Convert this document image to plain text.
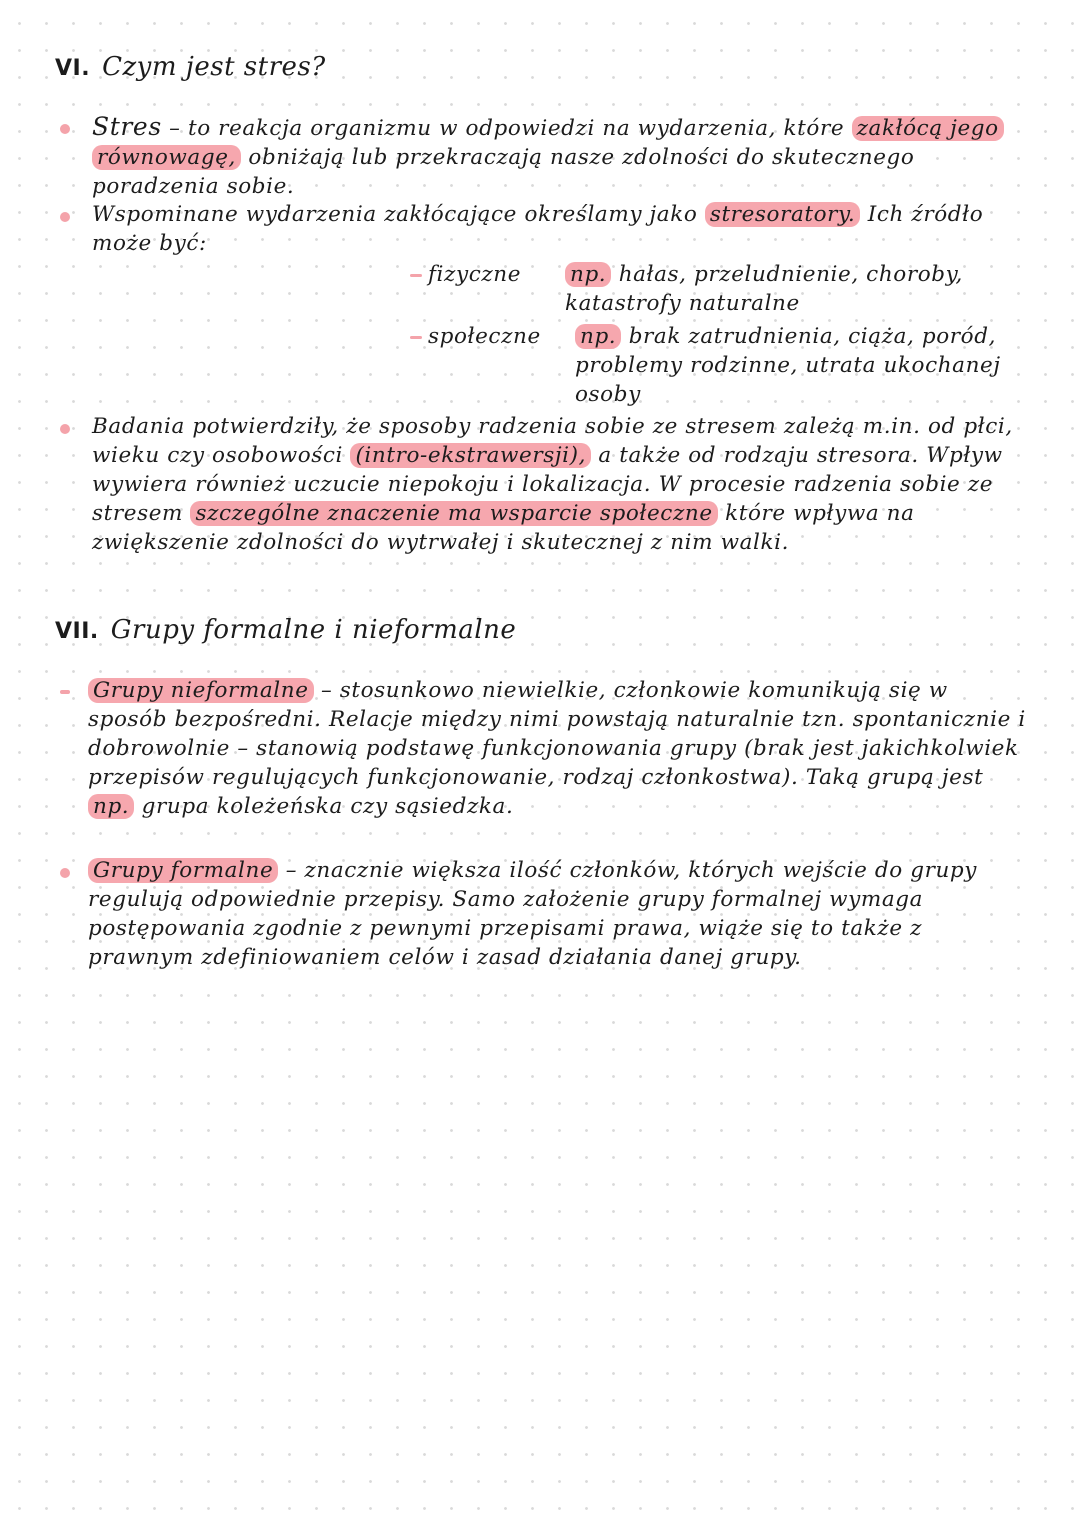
VI. Czym jest stres?
Stres – to reakcja organizmu w odpowiedzi na wydarzenia, które zakłócą jego równowagę, obniżają lub przekraczają nasze zdolności do skutecznego poradzenia sobie.
Wspominane wydarzenia zakłócające określamy jako stresoratory. Ich źródło może być:
fizyczne	np. hałas, przeludnienie, choroby, katastrofy naturalne
społeczne	np. brak zatrudnienia, ciąża, poród, problemy rodzinne, utrata ukochanej osoby
Badania potwierdziły, że sposoby radzenia sobie ze stresem zależą m.in. od płci, wieku czy osobowości (intro-ekstrawersji), a także od rodzaju stresora. Wpływ wywiera również uczucie niepokoju i lokalizacja. W procesie radzenia sobie ze stresem szczególne znaczenie ma wsparcie społeczne które wpływa na zwiększenie zdolności do wytrwałej i skutecznej z nim walki.
VII. Grupy formalne i nieformalne
Grupy nieformalne – stosunkowo niewielkie, członkowie komunikują się w sposób bezpośredni. Relacje między nimi powstają naturalnie tzn. spontanicznie i dobrowolnie – stanowią podstawę funkcjonowania grupy (brak jest jakichkolwiek przepisów regulujących funkcjonowanie, rodzaj członkostwa). Taką grupą jest np. grupa koleżeńska czy sąsiedzka.
Grupy formalne – znacznie większa ilość członków, których wejście do grupy regulują odpowiednie przepisy. Samo założenie grupy formalnej wymaga postępowania zgodnie z pewnymi przepisami prawa, wiąże się to także z prawnym zdefiniowaniem celów i zasad działania danej grupy.
